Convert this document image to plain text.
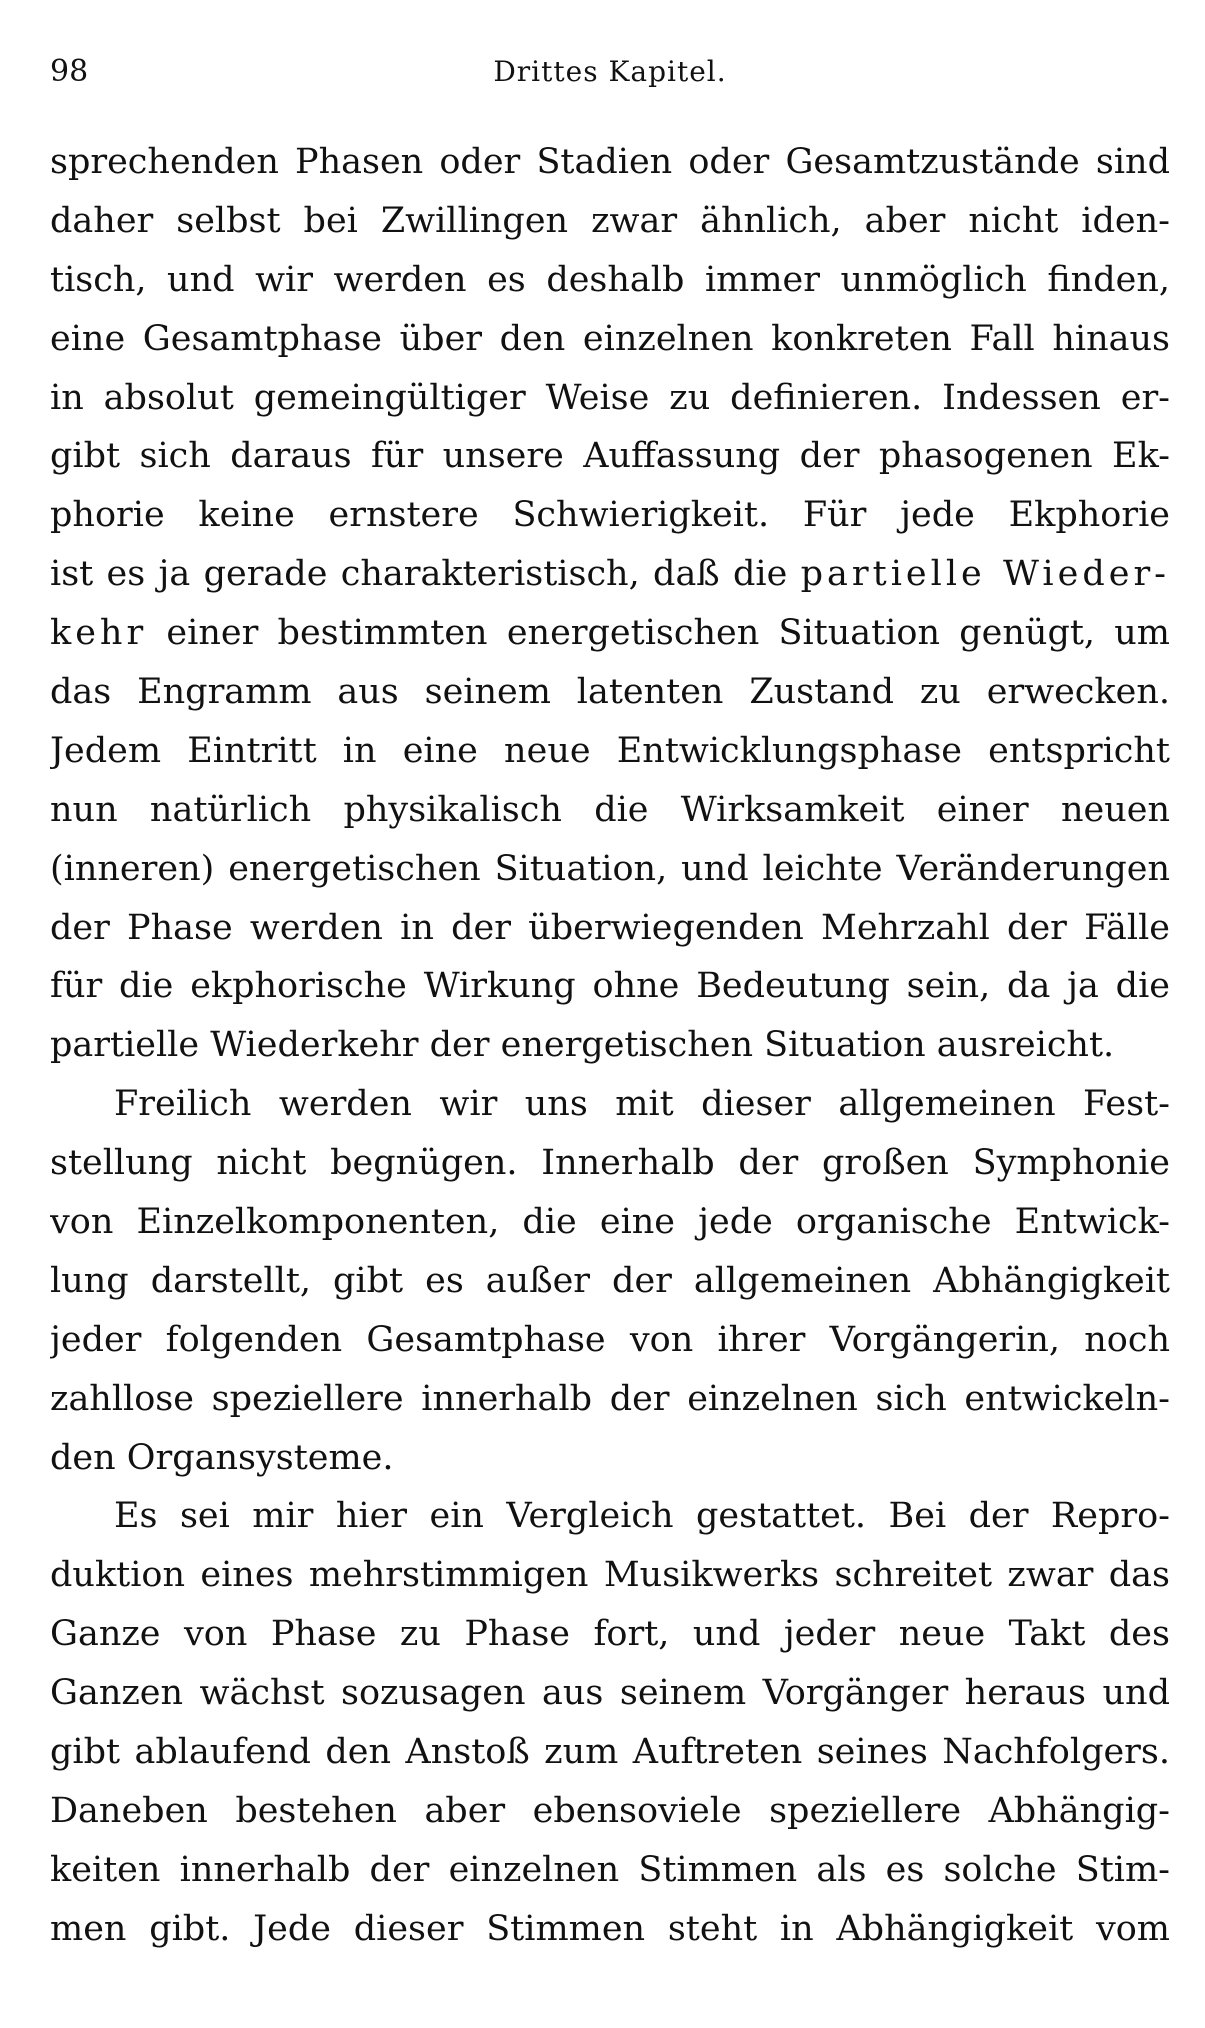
98	Drittes Kapitel.
sprechenden Phasen oder Stadien oder Gesamtzustände sind
daher selbst bei Zwillingen zwar ähnlich, aber nicht iden-
tisch, und wir werden es deshalb immer unmöglich finden,
eine Gesamtphase über den einzelnen konkreten Fall hinaus
in absolut gemeingültiger Weise zu definieren. Indessen er-
gibt sich daraus für unsere Auffassung der phasogenen Ek-
phorie keine ernstere Schwierigkeit. Für jede Ekphorie
ist es ja gerade charakteristisch, daß die partielle Wieder-
kehr einer bestimmten energetischen Situation genügt, um
das Engramm aus seinem latenten Zustand zu erwecken.
Jedem Eintritt in eine neue Entwicklungsphase entspricht
nun natürlich physikalisch die Wirksamkeit einer neuen
(inneren) energetischen Situation, und leichte Veränderungen
der Phase werden in der überwiegenden Mehrzahl der Fälle
für die ekphorische Wirkung ohne Bedeutung sein, da ja die
partielle Wiederkehr der energetischen Situation ausreicht.
Freilich werden wir uns mit dieser allgemeinen Fest-
stellung nicht begnügen. Innerhalb der großen Symphonie
von Einzelkomponenten, die eine jede organische Entwick-
lung darstellt, gibt es außer der allgemeinen Abhängigkeit
jeder folgenden Gesamtphase von ihrer Vorgängerin, noch
zahllose speziellere innerhalb der einzelnen sich entwickeln-
den Organsysteme.
Es sei mir hier ein Vergleich gestattet. Bei der Repro-
duktion eines mehrstimmigen Musikwerks schreitet zwar das
Ganze von Phase zu Phase fort, und jeder neue Takt des
Ganzen wächst sozusagen aus seinem Vorgänger heraus und
gibt ablaufend den Anstoß zum Auftreten seines Nachfolgers.
Daneben bestehen aber ebensoviele speziellere Abhängig-
keiten innerhalb der einzelnen Stimmen als es solche Stim-
men gibt. Jede dieser Stimmen steht in Abhängigkeit vom
